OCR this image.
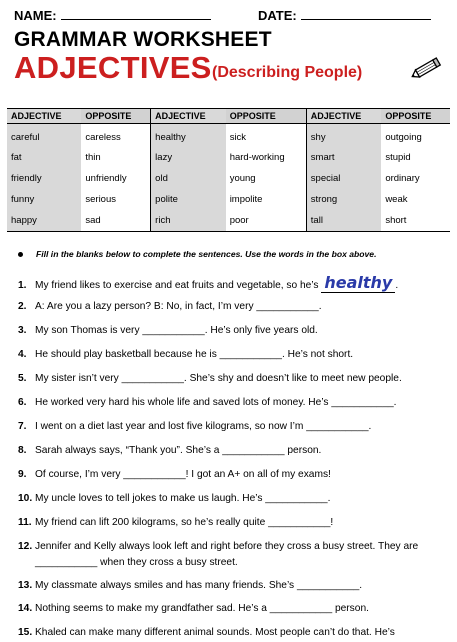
NAME:	DATE:
GRAMMAR WORKSHEET
ADJECTIVES (Describing People)
ADJECTIVE	OPPOSITE	ADJECTIVE	OPPOSITE	ADJECTIVE	OPPOSITE
careful	careless	healthy	sick	shy	outgoing
fat	thin	lazy	hard-working	smart	stupid
friendly	unfriendly	old	young	special	ordinary
funny	serious	polite	impolite	strong	weak
happy	sad	rich	poor	tall	short
Fill in the blanks below to complete the sentences. Use the words in the box above.
1. My friend likes to exercise and eat fruits and vegetable, so he’s healthy .
2. A: Are you a lazy person? B: No, in fact, I’m very ___________.
3. My son Thomas is very ___________. He’s only five years old.
4. He should play basketball because he is ___________. He’s not short.
5. My sister isn’t very ___________. She’s shy and doesn’t like to meet new people.
6. He worked very hard his whole life and saved lots of money. He’s ___________.
7. I went on a diet last year and lost five kilograms, so now I’m ___________.
8. Sarah always says, “Thank you”. She’s a ___________ person.
9. Of course, I’m very ___________! I got an A+ on all of my exams!
10. My uncle loves to tell jokes to make us laugh. He’s ___________.
11. My friend can lift 200 kilograms, so he’s really quite ___________!
12. Jennifer and Kelly always look left and right before they cross a busy street. They are
___________ when they cross a busy street.
13. My classmate always smiles and has many friends. She’s ___________.
14. Nothing seems to make my grandfather sad. He’s a ___________ person.
15. Khaled can make many different animal sounds. Most people can’t do that. He’s
